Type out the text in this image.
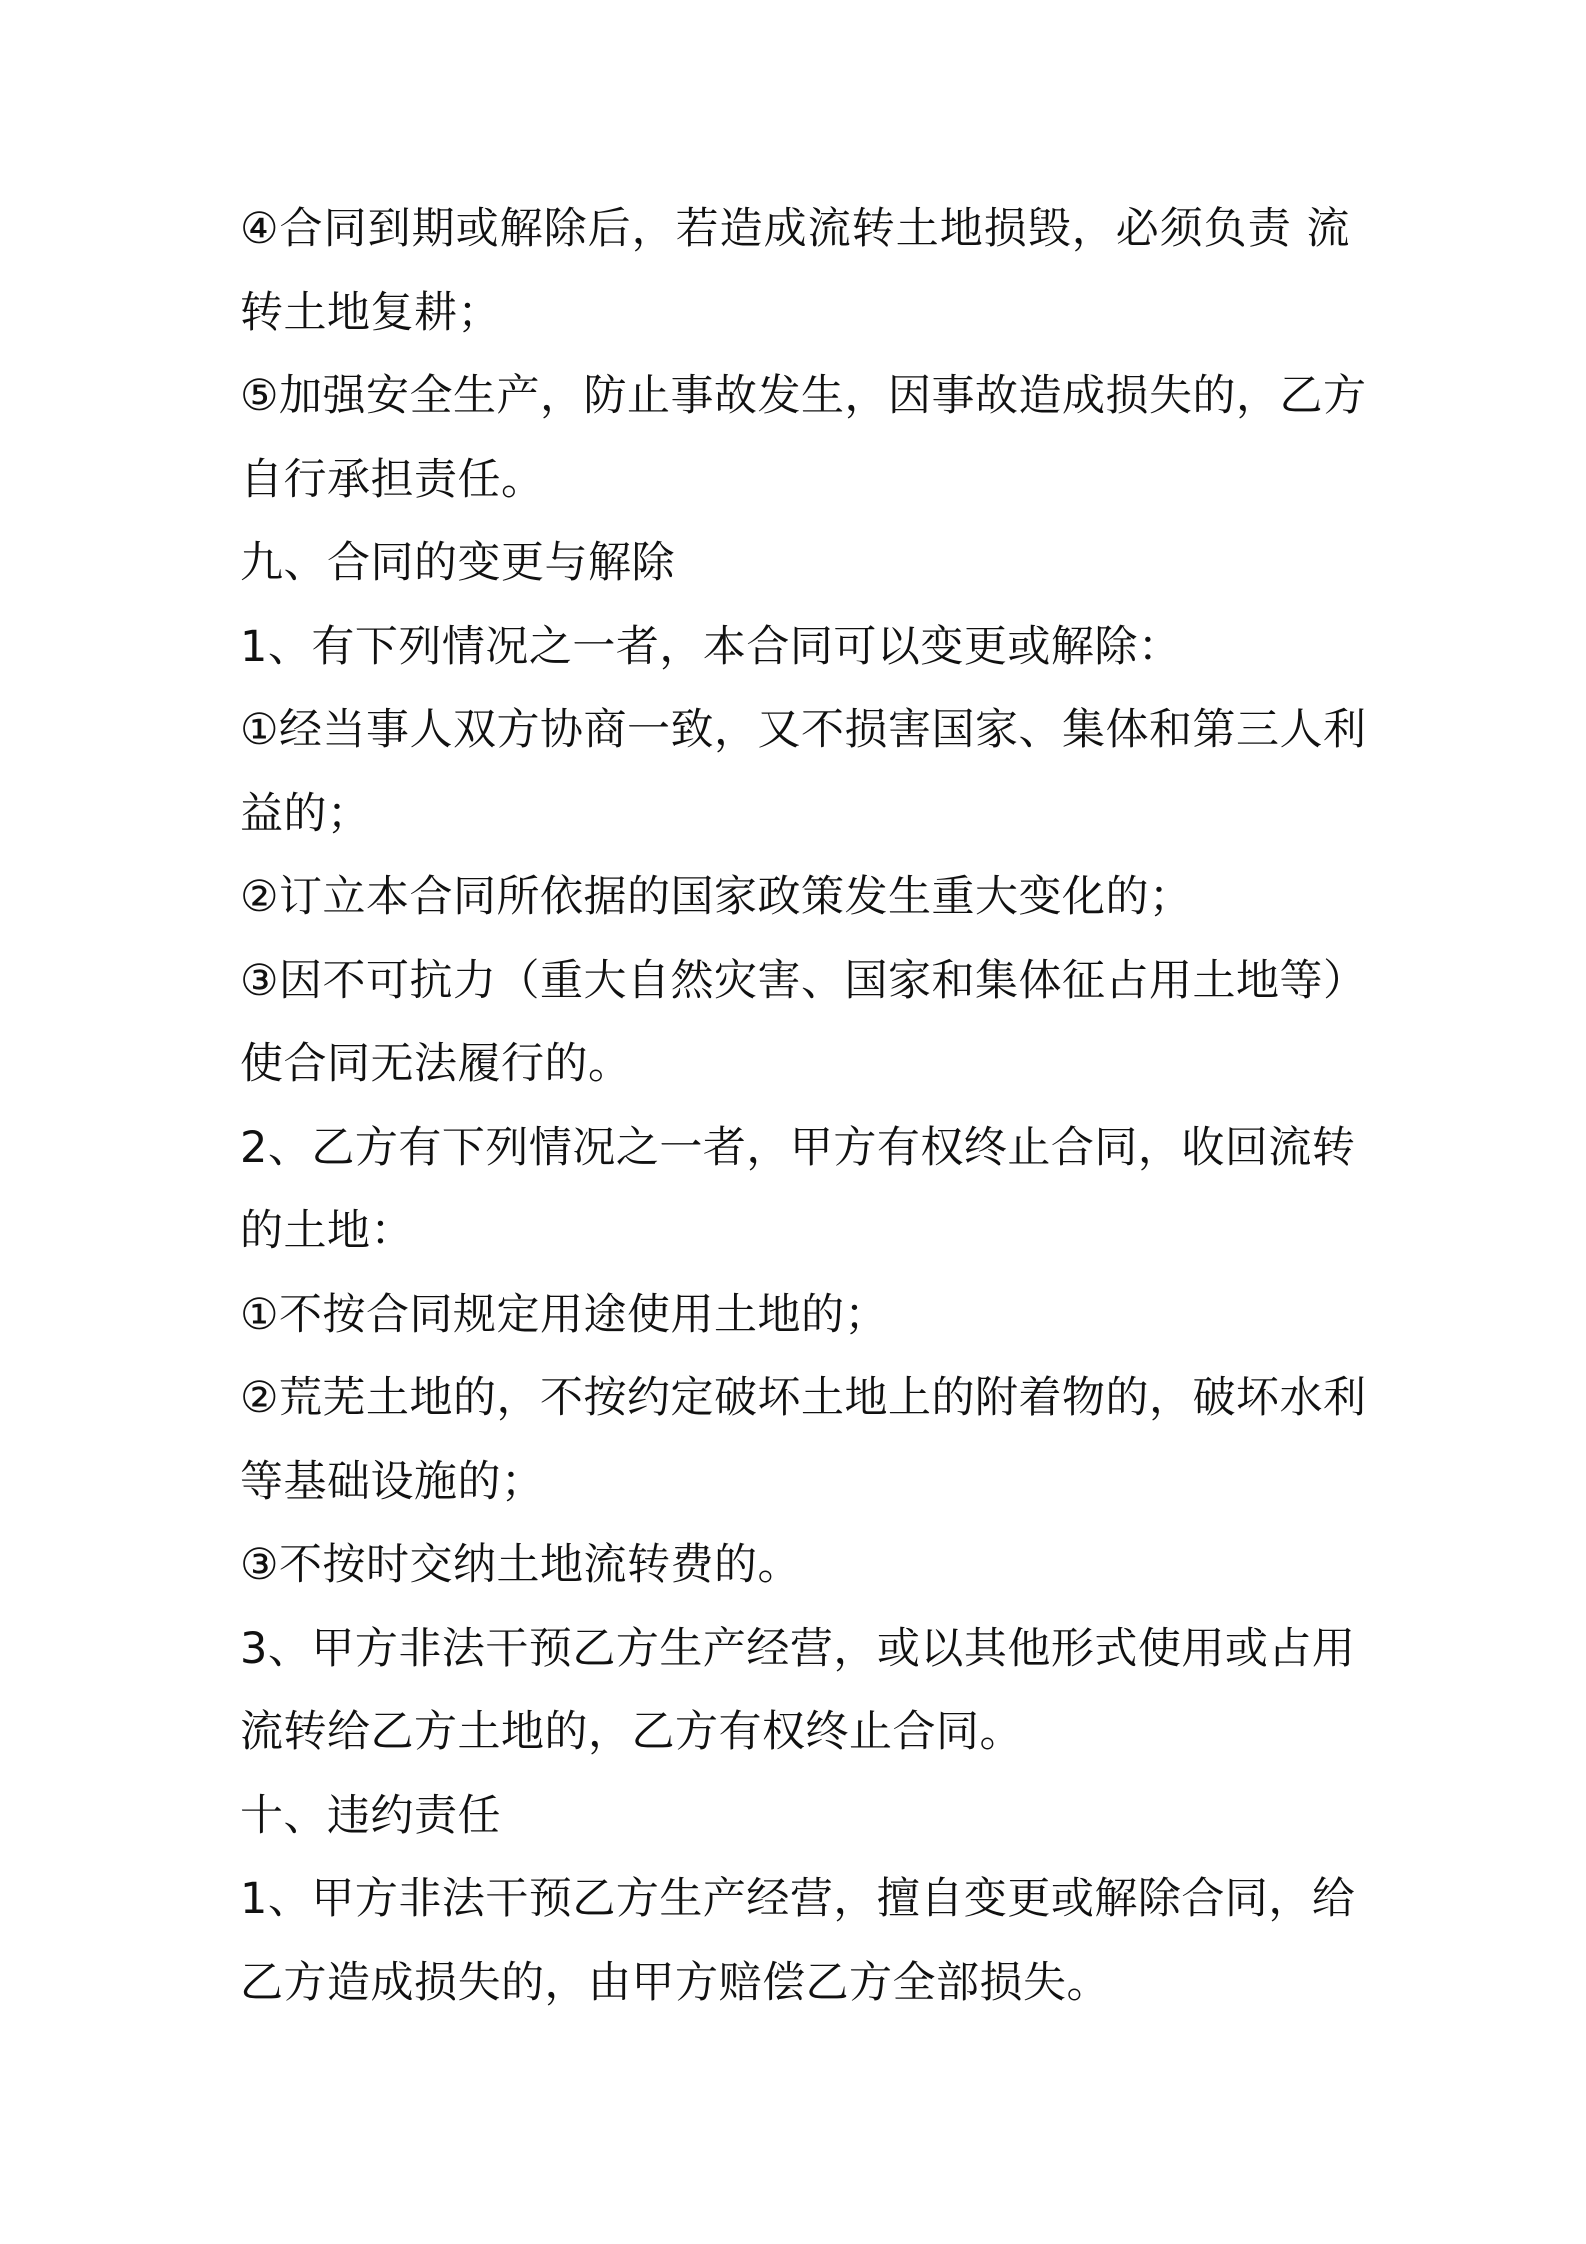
④合同到期或解除后，若造成流转土地损毁，必须负责 流
转土地复耕；
⑤加强安全生产，防止事故发生，因事故造成损失的，乙方
自行承担责任。
九、合同的变更与解除
1、有下列情况之一者，本合同可以变更或解除：
①经当事人双方协商一致，又不损害国家、集体和第三人利
益的；
②订立本合同所依据的国家政策发生重大变化的；
③因不可抗力（重大自然灾害、国家和集体征占用土地等）
使合同无法履行的。
2、乙方有下列情况之一者，甲方有权终止合同，收回流转
的土地：
①不按合同规定用途使用土地的；
②荒芜土地的，不按约定破坏土地上的附着物的，破坏水利
等基础设施的；
③不按时交纳土地流转费的。
3、甲方非法干预乙方生产经营，或以其他形式使用或占用
流转给乙方土地的，乙方有权终止合同。
十、违约责任
1、甲方非法干预乙方生产经营，擅自变更或解除合同，给
乙方造成损失的，由甲方赔偿乙方全部损失。
